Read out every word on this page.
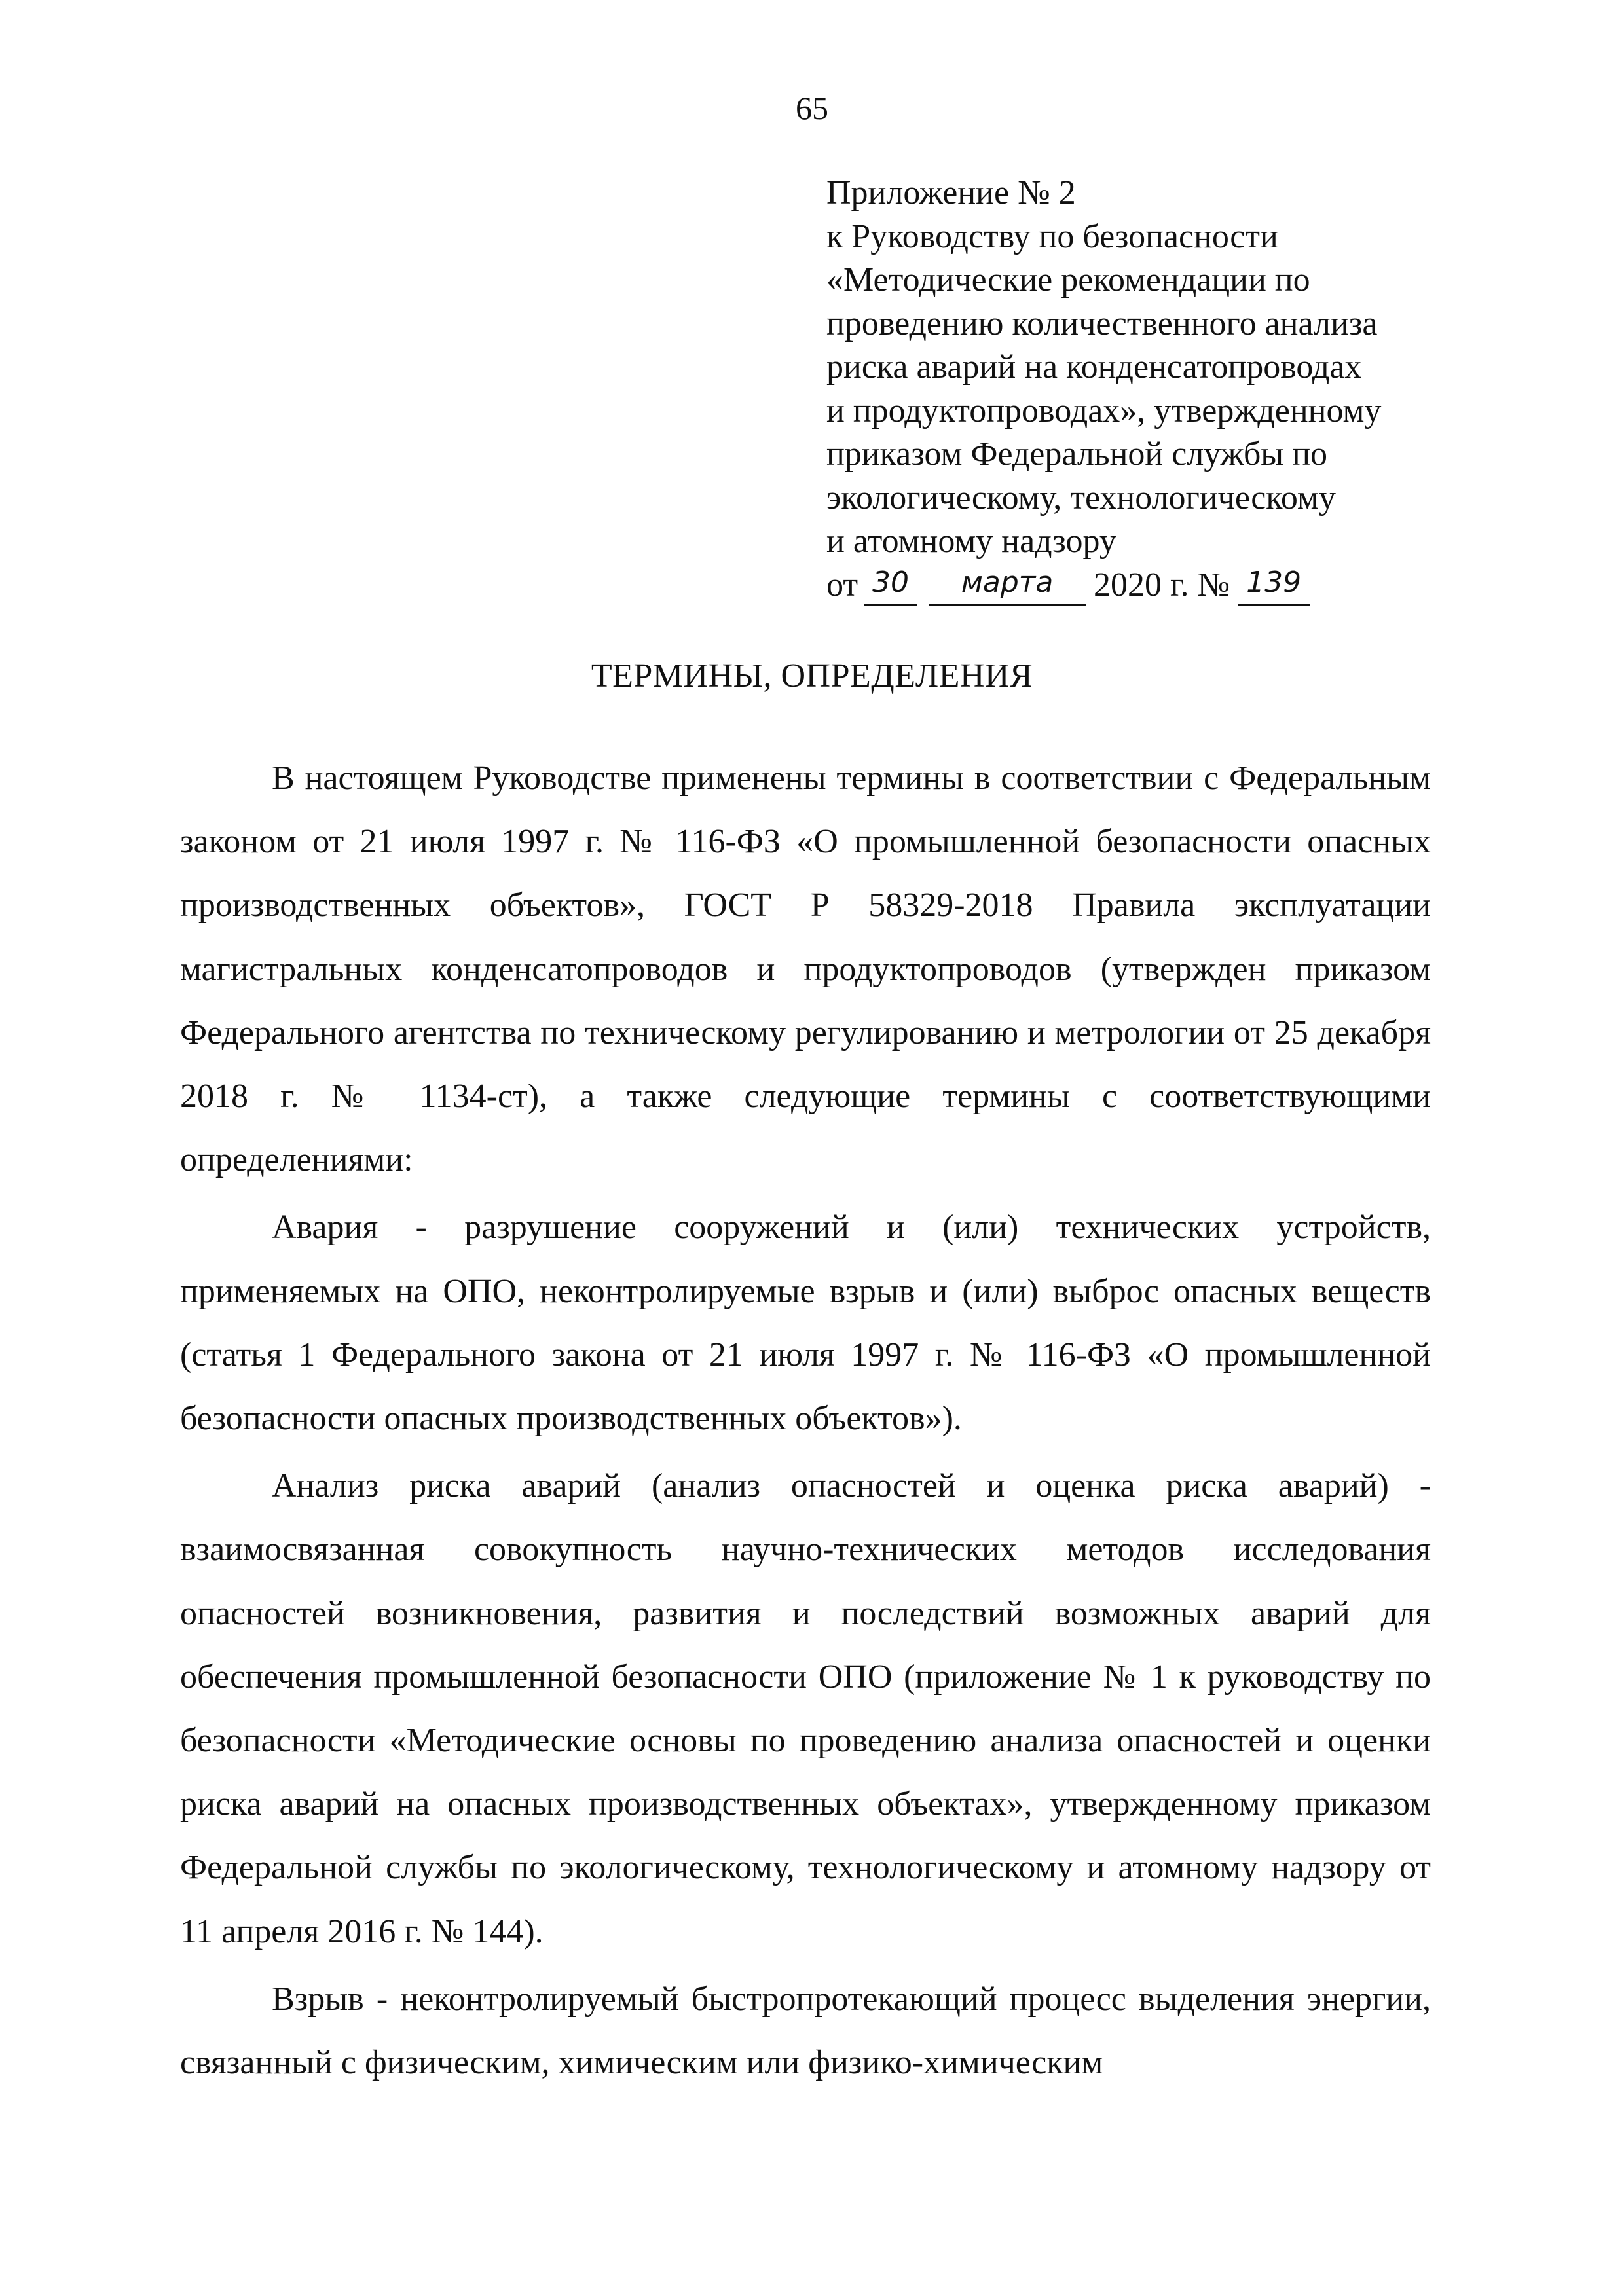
65
Приложение № 2
к Руководству по безопасности
«Методические рекомендации по
проведению количественного анализа
риска аварий на конденсатопроводах
и продуктопроводах», утвержденному
приказом Федеральной службы по
экологическому, технологическому
и атомному надзору
от 30 марта 2020 г. № 139
ТЕРМИНЫ, ОПРЕДЕЛЕНИЯ

В настоящем Руководстве применены термины в соответствии с Федеральным законом от 21 июля 1997 г. № 116-ФЗ «О промышленной безопасности опасных производственных объектов», ГОСТ Р 58329-2018 Правила эксплуатации магистральных конденсатопроводов и продуктопроводов (утвержден приказом Федерального агентства по техническому регулированию и метрологии от 25 декабря 2018 г. № 1134-ст), а также следующие термины с соответствующими определениями:

Авария - разрушение сооружений и (или) технических устройств, применяемых на ОПО, неконтролируемые взрыв и (или) выброс опасных веществ (статья 1 Федерального закона от 21 июля 1997 г. № 116-ФЗ «О промышленной безопасности опасных производственных объектов»).

Анализ риска аварий (анализ опасностей и оценка риска аварий) - взаимосвязанная совокупность научно-технических методов исследования опасностей возникновения, развития и последствий возможных аварий для обеспечения промышленной безопасности ОПО (приложение № 1 к руководству по безопасности «Методические основы по проведению анализа опасностей и оценки риска аварий на опасных производственных объектах», утвержденному приказом Федеральной службы по экологическому, технологическому и атомному надзору от 11 апреля 2016 г. № 144).

Взрыв - неконтролируемый быстропротекающий процесс выделения энергии, связанный с физическим, химическим или физико-химическим
